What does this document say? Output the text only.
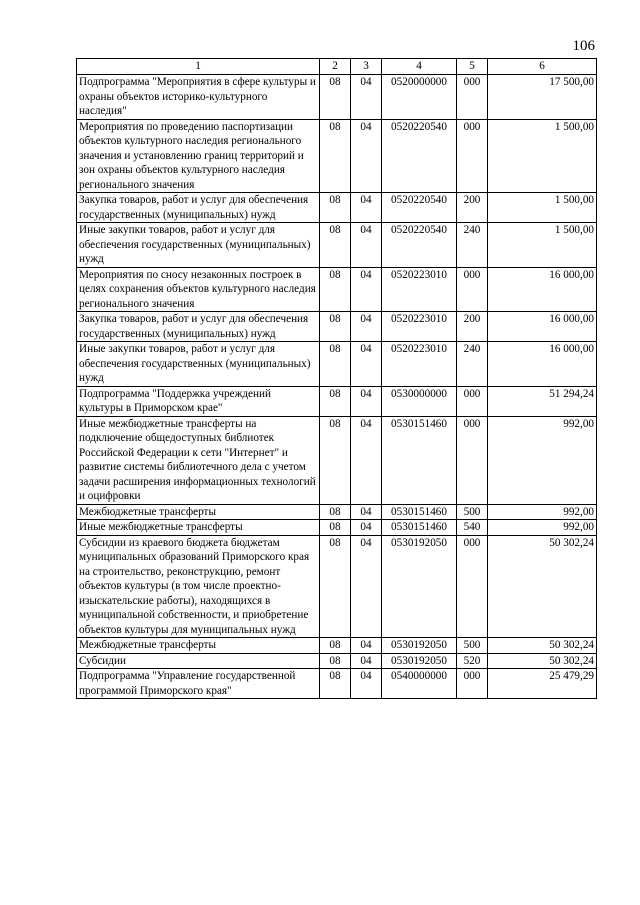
106
1	2	3	4	5	6
Подпрограмма "Мероприятия в сфере культуры и охраны объектов историко-культурного наследия"	08	04	0520000000	000	17 500,00
Мероприятия по проведению паспортизации объектов культурного наследия регионального значения и установлению границ территорий и зон охраны объектов культурного наследия регионального значения	08	04	0520220540	000	1 500,00
Закупка товаров, работ и услуг для обеспечения государственных (муниципальных) нужд	08	04	0520220540	200	1 500,00
Иные закупки товаров, работ и услуг для обеспечения государственных (муниципальных) нужд	08	04	0520220540	240	1 500,00
Мероприятия по сносу незаконных построек в целях сохранения объектов культурного наследия регионального значения	08	04	0520223010	000	16 000,00
Закупка товаров, работ и услуг для обеспечения государственных (муниципальных) нужд	08	04	0520223010	200	16 000,00
Иные закупки товаров, работ и услуг для обеспечения государственных (муниципальных) нужд	08	04	0520223010	240	16 000,00
Подпрограмма "Поддержка учреждений культуры в Приморском крае"	08	04	0530000000	000	51 294,24
Иные межбюджетные трансферты на подключение общедоступных библиотек Российской Федерации к сети "Интернет" и развитие системы библиотечного дела с учетом задачи расширения информационных технологий и оцифровки	08	04	0530151460	000	992,00
Межбюджетные трансферты	08	04	0530151460	500	992,00
Иные межбюджетные трансферты	08	04	0530151460	540	992,00
Субсидии из краевого бюджета бюджетам муниципальных образований Приморского края на строительство, реконструкцию, ремонт объектов культуры (в том числе проектно-изыскательские работы), находящихся в муниципальной собственности, и приобретение объектов культуры для муниципальных нужд	08	04	0530192050	000	50 302,24
Межбюджетные трансферты	08	04	0530192050	500	50 302,24
Субсидии	08	04	0530192050	520	50 302,24
Подпрограмма "Управление государственной программой Приморского края"	08	04	0540000000	000	25 479,29
